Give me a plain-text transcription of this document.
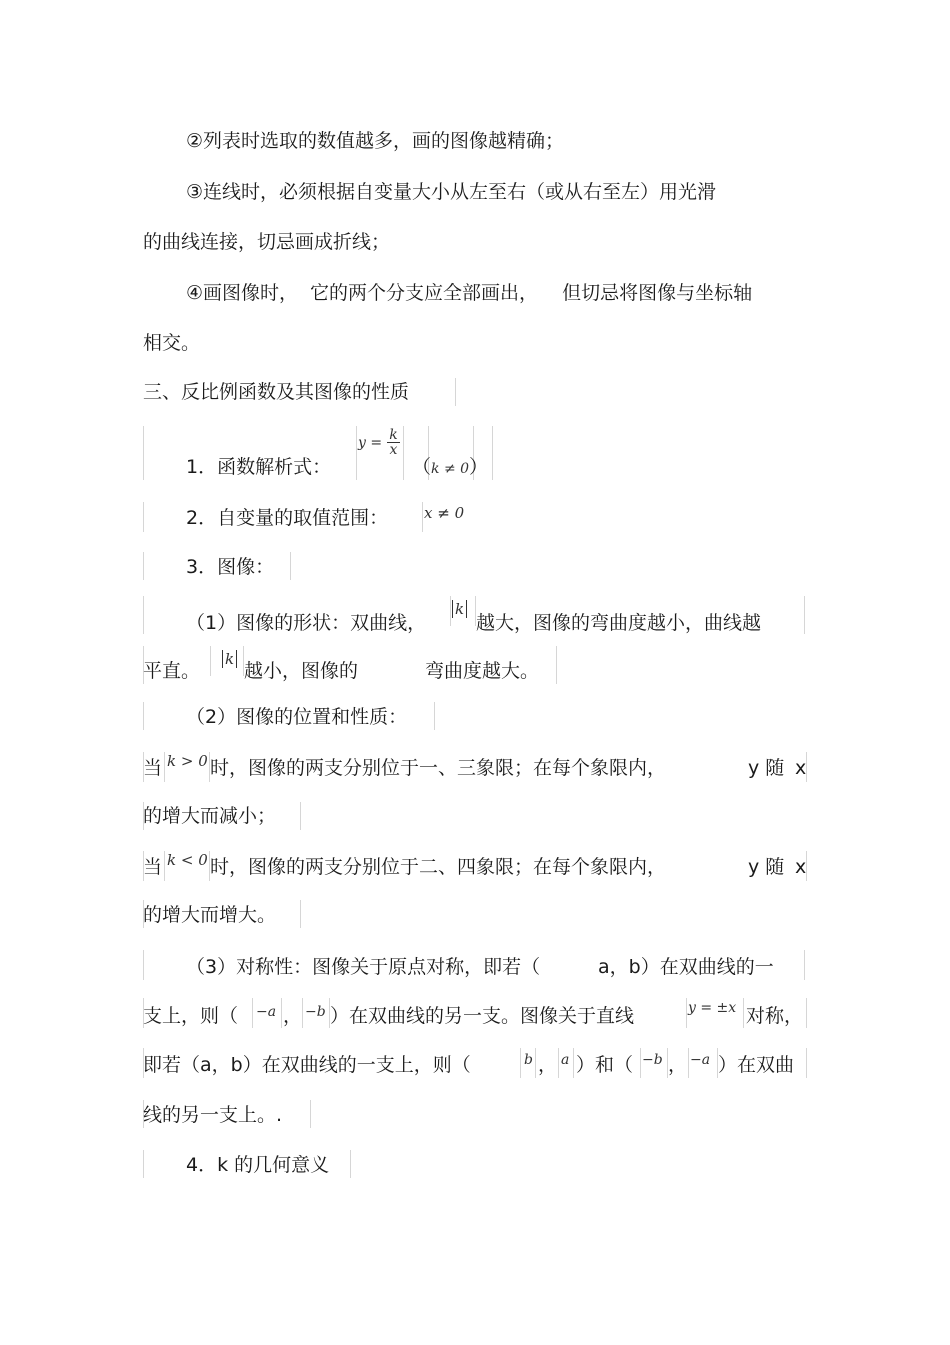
②列表时选取的数值越多，画的图像越精确；
③连线时，必须根据自变量大小从左至右（或从右至左）用光滑
的曲线连接，切忌画成折线；
④画图像时， 它的两个分支应全部画出， 但切忌将图像与坐标轴
相交。
三、反比例函数及其图像的性质
1．函数解析式：
$y = \frac{k}{x}$
（k ≠ 0）
2．自变量的取值范围： x ≠ 0
3．图像：
（1）图像的形状：双曲线，
k
越大，图像的弯曲度越小，曲线越
平直。
k
越小，图像的	弯曲度越大。
（2）图像的位置和性质：
当 k > 0 时，图像的两支分别位于一、三象限；在每个象限内，	y 随 x
的增大而减小；
当 k < 0 时，图像的两支分别位于二、四象限；在每个象限内，	y 随 x
的增大而增大。
（3）对称性：图像关于原点对称，即若（	a，b）在双曲线的一
支上，则（ −a ， −b ）在双曲线的另一支。图像关于直线	y = ±x 对称，
即若（a，b）在双曲线的一支上，则（	b ， a ）和（ −b ， −a ）在双曲
线的另一支上。.
4．k 的几何意义
